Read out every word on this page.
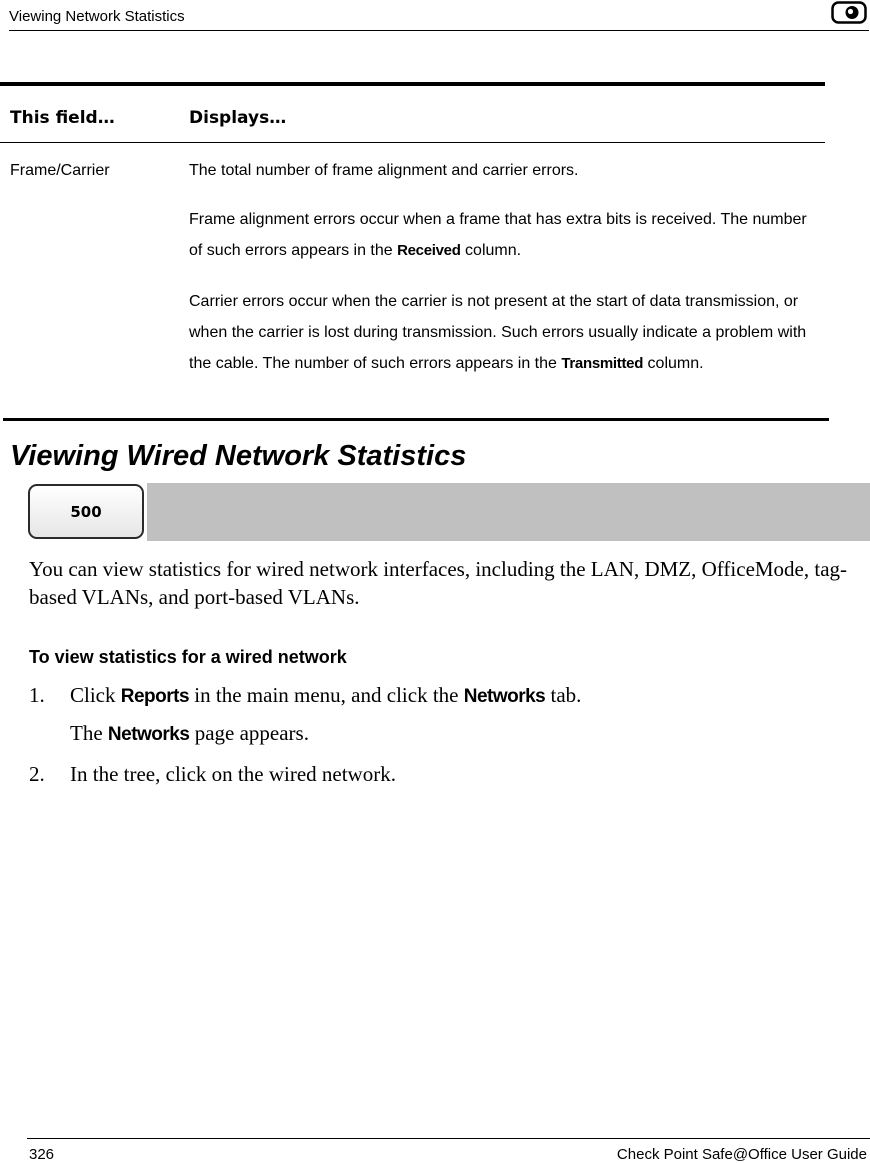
Viewing Network Statistics
This field…	Displays…
Frame/Carrier	The total number of frame alignment and carrier errors.
Frame alignment errors occur when a frame that has extra bits is received. The number of such errors appears in the Received column.
Carrier errors occur when the carrier is not present at the start of data transmission, or when the carrier is lost during transmission. Such errors usually indicate a problem with the cable. The number of such errors appears in the Transmitted column.
Viewing Wired Network Statistics
500
You can view statistics for wired network interfaces, including the LAN, DMZ, OfficeMode, tag-based VLANs, and port-based VLANs.
To view statistics for a wired network
1. Click Reports in the main menu, and click the Networks tab.
The Networks page appears.
2. In the tree, click on the wired network.
326	Check Point Safe@Office User Guide
